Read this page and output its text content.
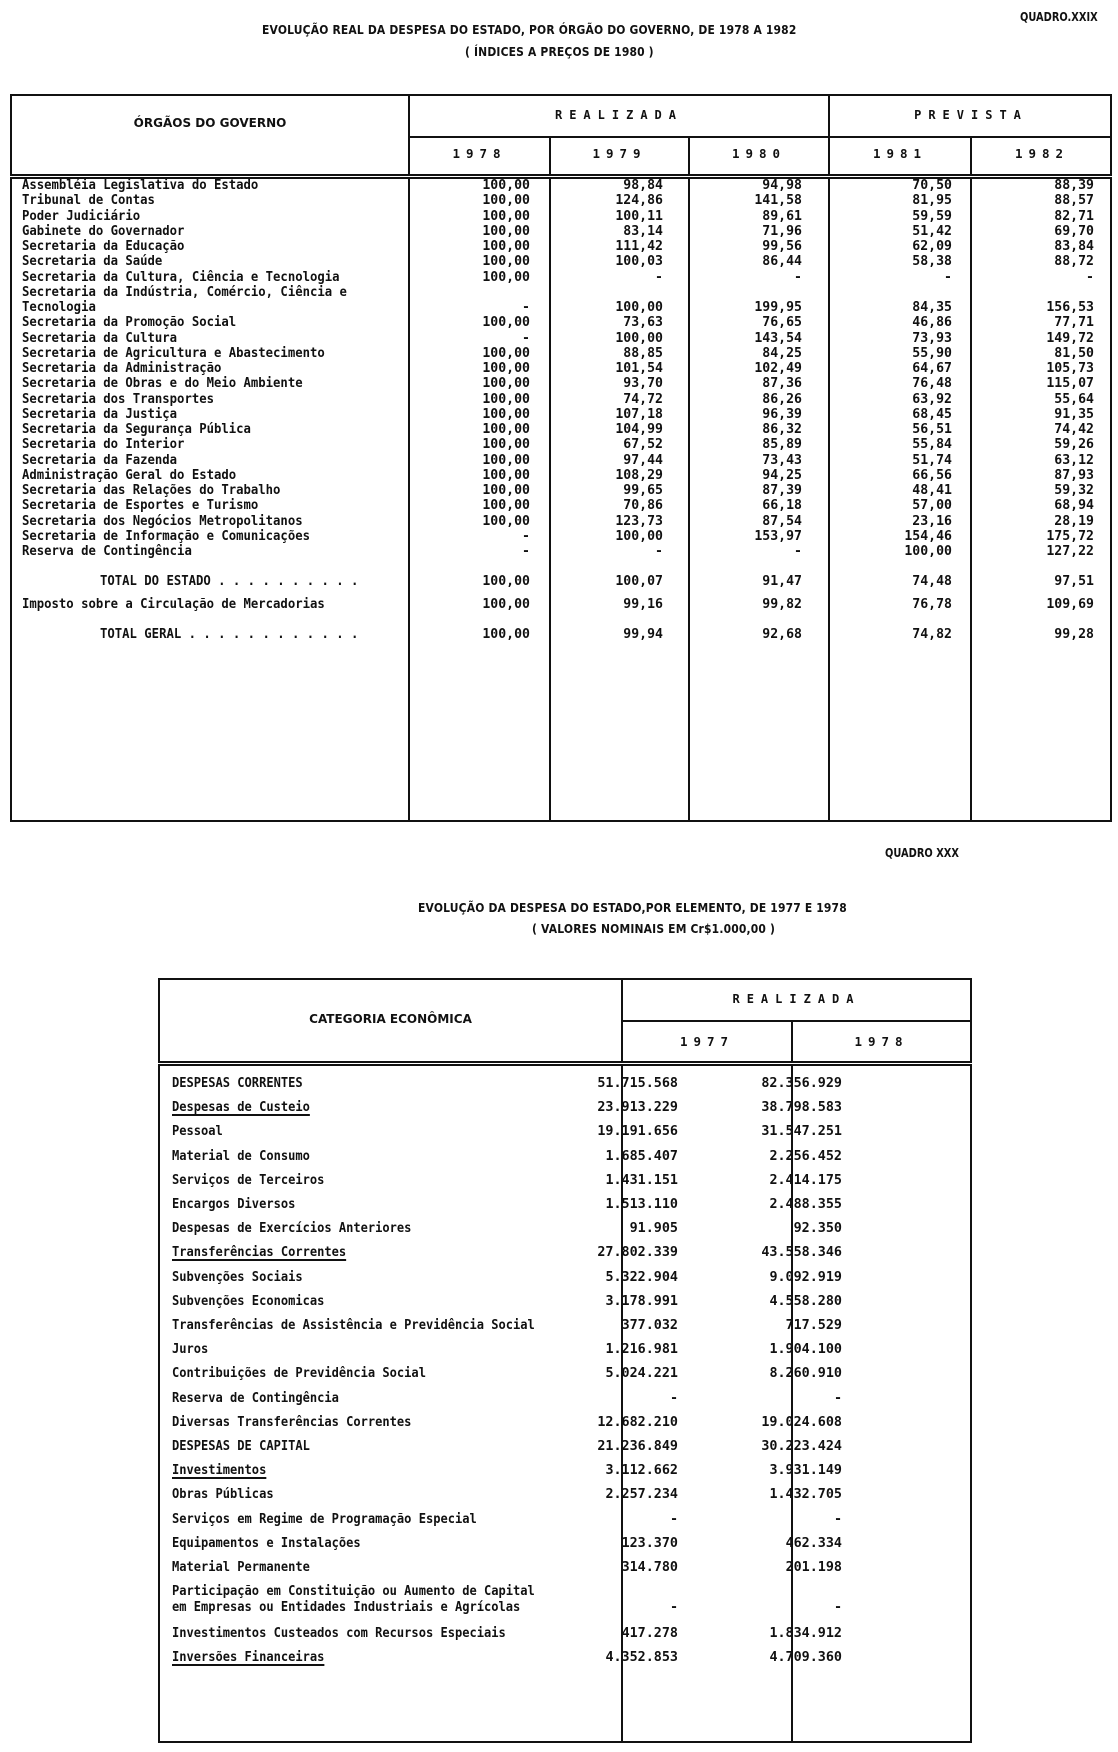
QUADRO.XXIX
EVOLUÇÃO REAL DA DESPESA DO ESTADO, POR ÓRGÃO DO GOVERNO, DE 1978 A 1982
( ÍNDICES A PREÇOS DE 1980 )
ÓRGÃOS DO GOVERNO
REALIZADA	PREVISTA
1978	1979	1980	1981	1982
Assembléia Legislativa do Estado	100,00	98,84	94,98	70,50	88,39
Tribunal de Contas	100,00	124,86	141,58	81,95	88,57
Poder Judiciário	100,00	100,11	89,61	59,59	82,71
Gabinete do Governador	100,00	83,14	71,96	51,42	69,70
Secretaria da Educação	100,00	111,42	99,56	62,09	83,84
Secretaria da Saúde	100,00	100,03	86,44	58,38	88,72
Secretaria da Cultura, Ciência e Tecnologia	100,00	-	-	-	-
Secretaria da Indústria, Comércio, Ciência e
Tecnologia	-	100,00	199,95	84,35	156,53
Secretaria da Promoção Social	100,00	73,63	76,65	46,86	77,71
Secretaria da Cultura	-	100,00	143,54	73,93	149,72
Secretaria de Agricultura e Abastecimento	100,00	88,85	84,25	55,90	81,50
Secretaria da Administração	100,00	101,54	102,49	64,67	105,73
Secretaria de Obras e do Meio Ambiente	100,00	93,70	87,36	76,48	115,07
Secretaria dos Transportes	100,00	74,72	86,26	63,92	55,64
Secretaria da Justiça	100,00	107,18	96,39	68,45	91,35
Secretaria da Segurança Pública	100,00	104,99	86,32	56,51	74,42
Secretaria do Interior	100,00	67,52	85,89	55,84	59,26
Secretaria da Fazenda	100,00	97,44	73,43	51,74	63,12
Administração Geral do Estado	100,00	108,29	94,25	66,56	87,93
Secretaria das Relações do Trabalho	100,00	99,65	87,39	48,41	59,32
Secretaria de Esportes e Turismo	100,00	70,86	66,18	57,00	68,94
Secretaria dos Negócios Metropolitanos	100,00	123,73	87,54	23,16	28,19
Secretaria de Informação e Comunicações	-	100,00	153,97	154,46	175,72
Reserva de Contingência	-	-	-	100,00	127,22
TOTAL DO ESTADO . . . . . . . . . .	100,00	100,07	91,47	74,48	97,51
Imposto sobre a Circulação de Mercadorias	100,00	99,16	99,82	76,78	109,69
TOTAL GERAL . . . . . . . . . . . .	100,00	99,94	92,68	74,82	99,28
QUADRO XXX
EVOLUÇÃO DA DESPESA DO ESTADO,POR ELEMENTO, DE 1977 E 1978
( VALORES NOMINAIS EM Cr$1.000,00 )
CATEGORIA ECONÔMICA
REALIZADA
1977	1978
DESPESAS CORRENTES	51.715.568	82.356.929
Despesas de Custeio	23.913.229	38.798.583
Pessoal	19.191.656	31.547.251
Material de Consumo	1.685.407	2.256.452
Serviços de Terceiros	1.431.151	2.414.175
Encargos Diversos	1.513.110	2.488.355
Despesas de Exercícios Anteriores	91.905	92.350
Transferências Correntes	27.802.339	43.558.346
Subvenções Sociais	5.322.904	9.092.919
Subvenções Economicas	3.178.991	4.558.280
Transferências de Assistência e Previdência Social	377.032	717.529
Juros	1.216.981	1.904.100
Contribuições de Previdência Social	5.024.221	8.260.910
Reserva de Contingência	-	-
Diversas Transferências Correntes	12.682.210	19.024.608
DESPESAS DE CAPITAL	21.236.849	30.223.424
Investimentos	3.112.662	3.931.149
Obras Públicas	2.257.234	1.432.705
Serviços em Regime de Programação Especial	-	-
Equipamentos e Instalações	123.370	462.334
Material Permanente	314.780	201.198
Participação em Constituição ou Aumento de Capital
em Empresas ou Entidades Industriais e Agrícolas	-	-
Investimentos Custeados com Recursos Especiais	417.278	1.834.912
Inversões Financeiras	4.352.853	4.709.360
